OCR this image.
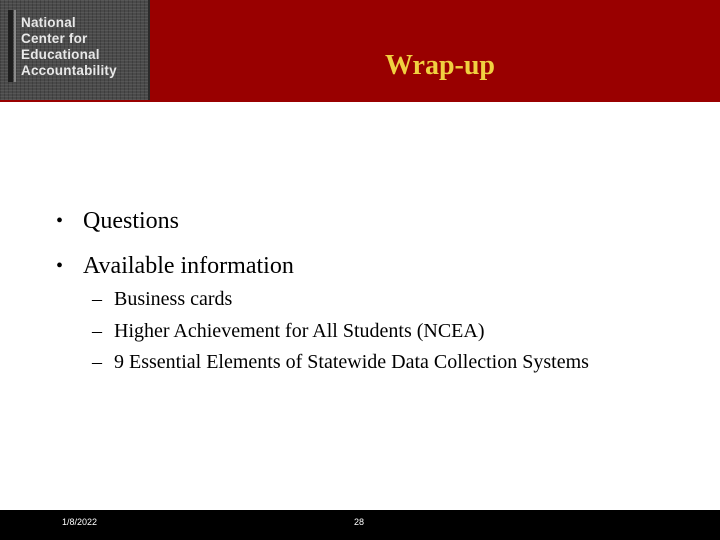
National
Center for
Educational
Accountability	Wrap-up
• Questions
• Available information
– Business cards
– Higher Achievement for All Students (NCEA)
– 9 Essential Elements of Statewide Data Collection Systems
1/8/2022	28
